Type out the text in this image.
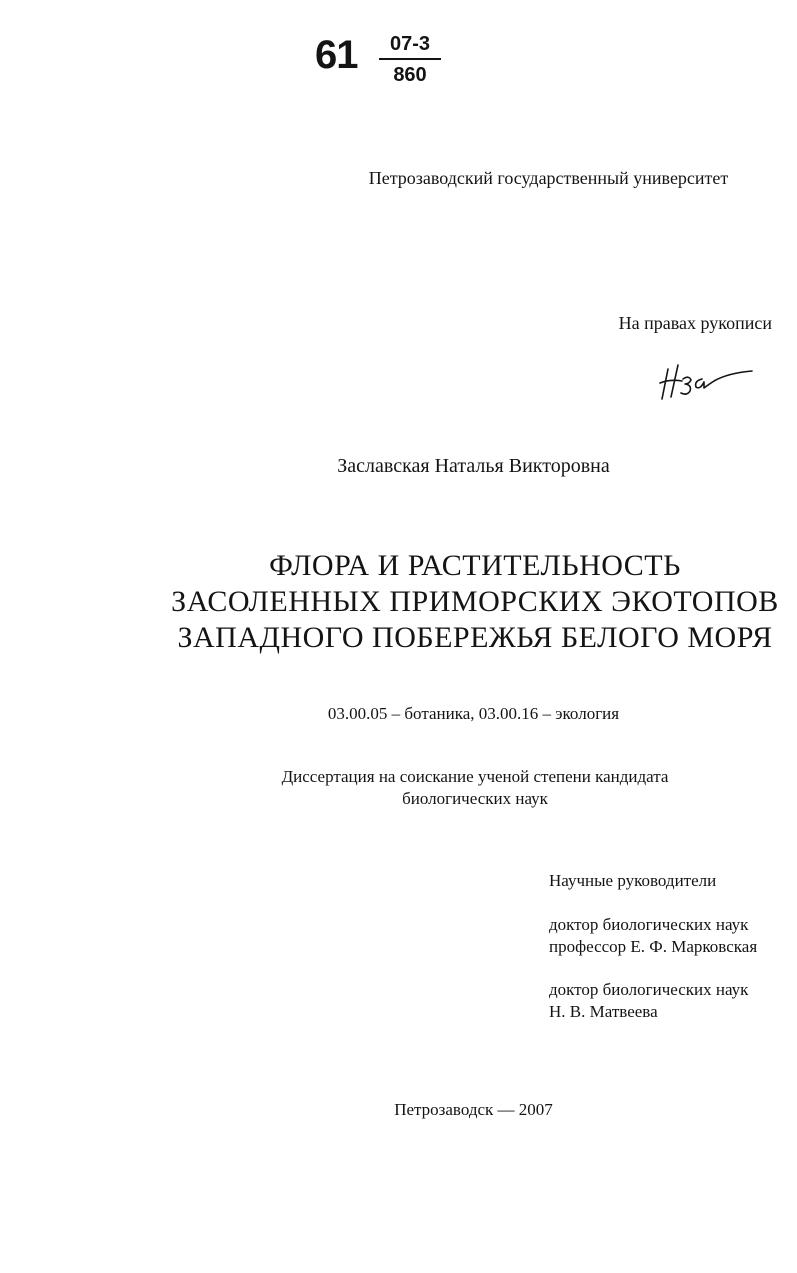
61	07-3
860
Петрозаводский государственный университет
На правах рукописи
Заславская Наталья Викторовна
ФЛОРА И РАСТИТЕЛЬНОСТЬ
ЗАСОЛЕННЫХ ПРИМОРСКИХ ЭКОТОПОВ
ЗАПАДНОГО ПОБЕРЕЖЬЯ БЕЛОГО МОРЯ
03.00.05 – ботаника, 03.00.16 – экология
Диссертация на соискание ученой степени кандидата
биологических наук
Научные руководители
доктор биологических наук
профессор Е. Ф. Марковская
доктор биологических наук
Н. В. Матвеева
Петрозаводск — 2007
